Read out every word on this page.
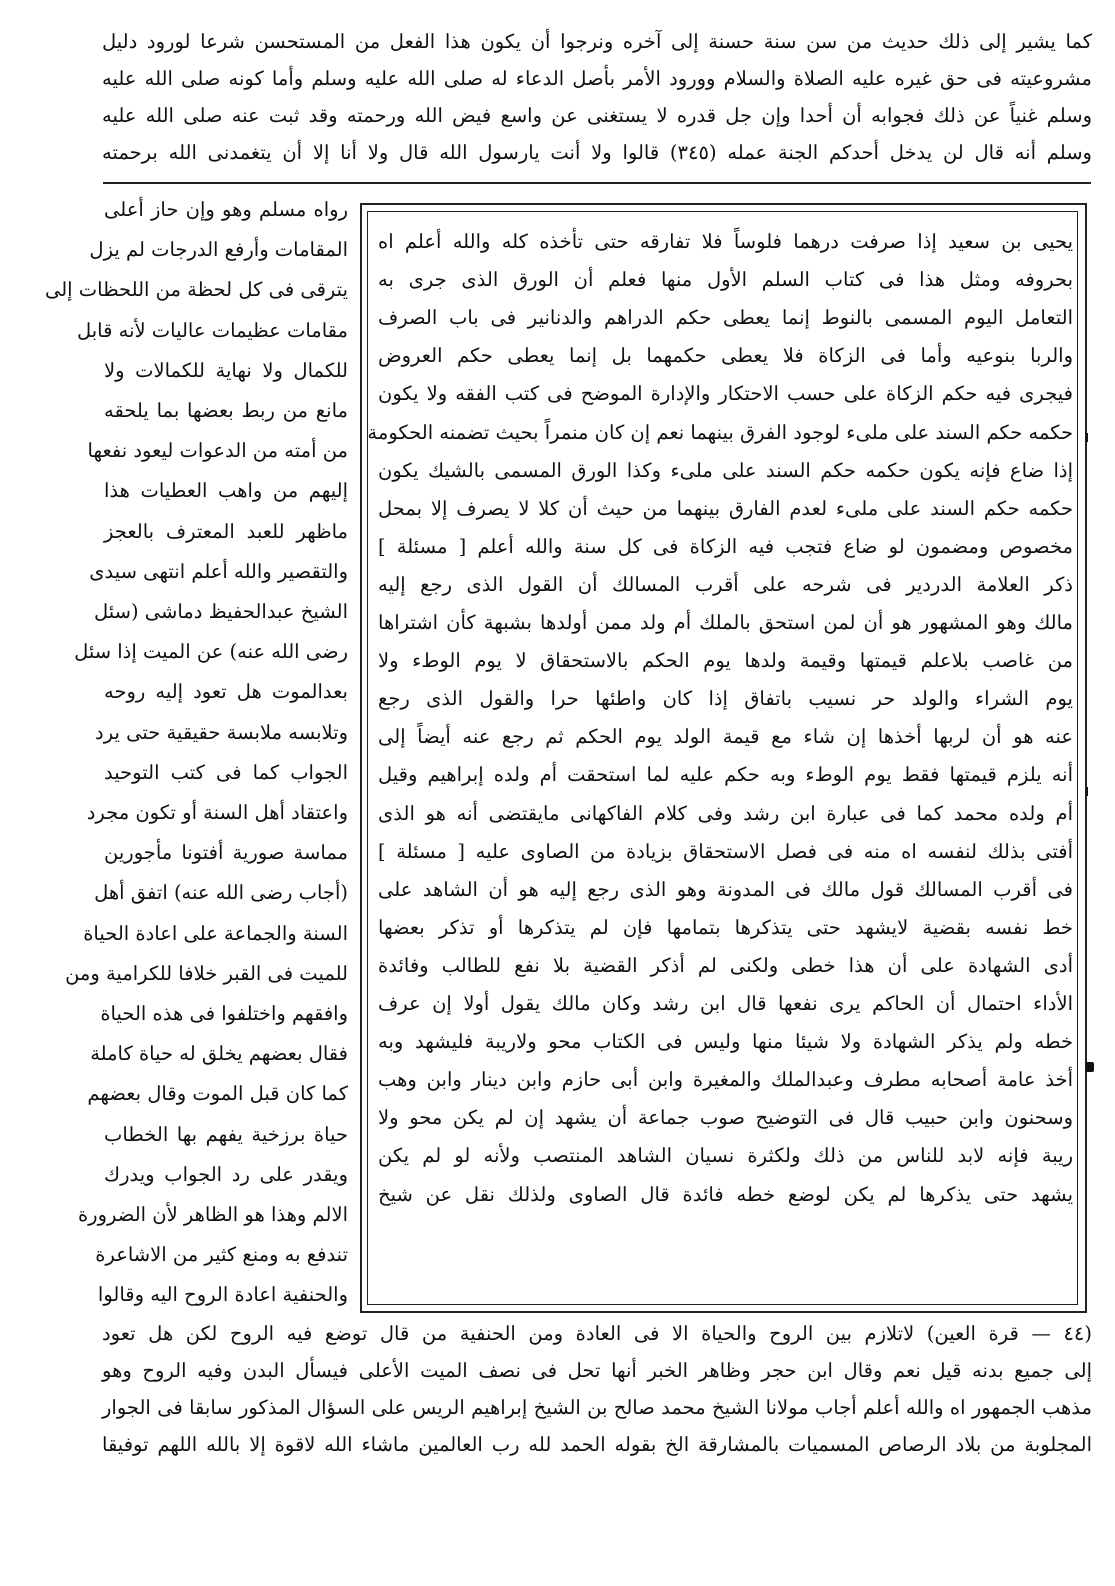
كما يشير إلى ذلك حديث من سن سنة حسنة إلى آخره ونرجوا أن يكون هذا الفعل من المستحسن شرعا لورود دليل
مشروعيته فى حق غيره عليه الصلاة والسلام وورود الأمر بأصل الدعاء له صلى الله عليه وسلم وأما كونه صلى الله عليه
وسلم غنياً عن ذلك فجوابه أن أحدا وإن جل قدره لا يستغنى عن واسع فيض الله ورحمته وقد ثبت عنه صلى الله عليه
وسلم أنه قال لن يدخل أحدكم الجنة عمله (٣٤٥) قالوا ولا أنت يارسول الله قال ولا أنا إلا أن يتغمدنى الله برحمته
رواه مسلم وهو وإن حاز أعلى
المقامات وأرفع الدرجات لم يزل
يترقى فى كل لحظة من اللحظات إلى
مقامات عظيمات عاليات لأنه قابل
للكمال ولا نهاية للكمالات ولا
مانع من ربط بعضها بما يلحقه
من أمته من الدعوات ليعود نفعها
إليهم من واهب العطيات هذا
ماظهر للعبد المعترف بالعجز
والتقصير والله أعلم انتهى سيدى
الشيخ عبدالحفيظ دماشى (سئل
رضى الله عنه) عن الميت إذا سئل
بعدالموت هل تعود إليه روحه
وتلابسه ملابسة حقيقية حتى يرد
الجواب كما فى كتب التوحيد
واعتقاد أهل السنة أو تكون مجرد
مماسة صورية أفتونا مأجورين
(أجاب رضى الله عنه) اتفق أهل
السنة والجماعة على اعادة الحياة
للميت فى القبر خلافا للكرامية ومن
وافقهم واختلفوا فى هذه الحياة
فقال بعضهم يخلق له حياة كاملة
كما كان قبل الموت وقال بعضهم
حياة برزخية يفهم بها الخطاب
ويقدر على رد الجواب ويدرك
الالم وهذا هو الظاهر لأن الضرورة
تندفع به ومنع كثير من الاشاعرة
والحنفية اعادة الروح اليه وقالوا
يحيى بن سعيد إذا صرفت درهما فلوساً فلا تفارقه حتى تأخذه كله والله أعلم اه
بحروفه ومثل هذا فى كتاب السلم الأول منها فعلم أن الورق الذى جرى به
التعامل اليوم المسمى بالنوط إنما يعطى حكم الدراهم والدنانير فى باب الصرف
والربا بنوعيه وأما فى الزكاة فلا يعطى حكمهما بل إنما يعطى حكم العروض
فيجرى فيه حكم الزكاة على حسب الاحتكار والإدارة الموضح فى كتب الفقه ولا يكون
حكمه حكم السند على ملىء لوجود الفرق بينهما نعم إن كان منمراً بحيث تضمنه الحكومة
إذا ضاع فإنه يكون حكمه حكم السند على ملىء وكذا الورق المسمى بالشيك يكون
حكمه حكم السند على ملىء لعدم الفارق بينهما من حيث أن كلا لا يصرف إلا بمحل
مخصوص ومضمون لو ضاع فتجب فيه الزكاة فى كل سنة والله أعلم [ مسئلة ]
ذكر العلامة الدردير فى شرحه على أقرب المسالك أن القول الذى رجع إليه
مالك وهو المشهور هو أن لمن استحق بالملك أم ولد ممن أولدها بشبهة كأن اشتراها
من غاصب بلاعلم قيمتها وقيمة ولدها يوم الحكم بالاستحقاق لا يوم الوطء ولا
يوم الشراء والولد حر نسيب باتفاق إذا كان واطئها حرا والقول الذى رجع
عنه هو أن لربها أخذها إن شاء مع قيمة الولد يوم الحكم ثم رجع عنه أيضاً إلى
أنه يلزم قيمتها فقط يوم الوطء وبه حكم عليه لما استحقت أم ولده إبراهيم وقيل
أم ولده محمد كما فى عبارة ابن رشد وفى كلام الفاكهانى مايقتضى أنه هو الذى
أفتى بذلك لنفسه اه منه فى فصل الاستحقاق بزيادة من الصاوى عليه [ مسئلة ]
فى أقرب المسالك قول مالك فى المدونة وهو الذى رجع إليه هو أن الشاهد على
خط نفسه بقضية لايشهد حتى يتذكرها بتمامها فإن لم يتذكرها أو تذكر بعضها
أدى الشهادة على أن هذا خطى ولكنى لم أذكر القضية بلا نفع للطالب وفائدة
الأداء احتمال أن الحاكم يرى نفعها قال ابن رشد وكان مالك يقول أولا إن عرف
خطه ولم يذكر الشهادة ولا شيئا منها وليس فى الكتاب محو ولاريبة فليشهد وبه
أخذ عامة أصحابه مطرف وعبدالملك والمغيرة وابن أبى حازم وابن دينار وابن وهب
وسحنون وابن حبيب قال فى التوضيح صوب جماعة أن يشهد إن لم يكن محو ولا
ريبة فإنه لابد للناس من ذلك ولكثرة نسيان الشاهد المنتصب ولأنه لو لم يكن
يشهد حتى يذكرها لم يكن لوضع خطه فائدة قال الصاوى ولذلك نقل عن شيخ
(٤٤ — قرة العين) لاتلازم بين الروح والحياة الا فى العادة ومن الحنفية من قال توضع فيه الروح لكن هل تعود
إلى جميع بدنه قيل نعم وقال ابن حجر وظاهر الخبر أنها تحل فى نصف الميت الأعلى فيسأل البدن وفيه الروح وهو
مذهب الجمهور اه والله أعلم أجاب مولانا الشيخ محمد صالح بن الشيخ إبراهيم الريس على السؤال المذكور سابقا فى الجوار
المجلوبة من بلاد الرصاص المسميات بالمشارقة الخ بقوله الحمد لله رب العالمين ماشاء الله لاقوة إلا بالله اللهم توفيقا
